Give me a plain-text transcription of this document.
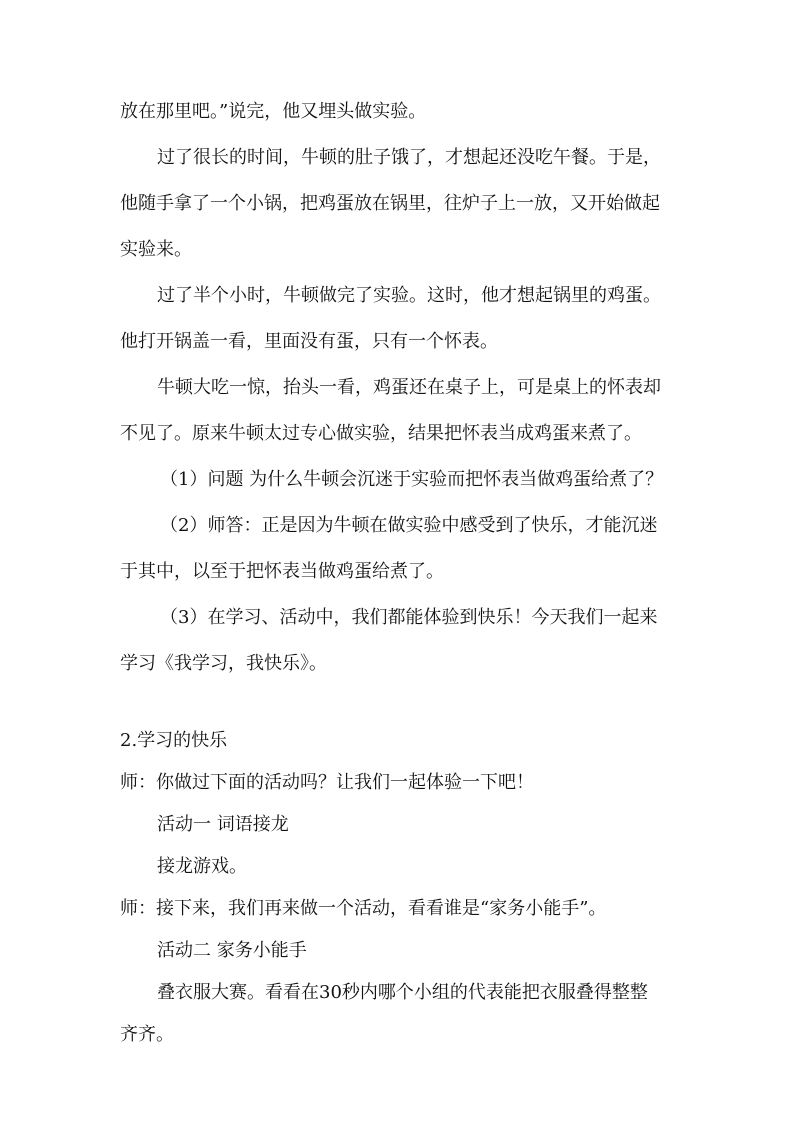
放在那里吧。”说完，他又埋头做实验。
过了很长的时间，牛顿的肚子饿了，才想起还没吃午餐。于是，
他随手拿了一个小锅，把鸡蛋放在锅里，往炉子上一放，又开始做起
实验来。
过了半个小时，牛顿做完了实验。这时，他才想起锅里的鸡蛋。
他打开锅盖一看，里面没有蛋，只有一个怀表。
牛顿大吃一惊，抬头一看，鸡蛋还在桌子上，可是桌上的怀表却
不见了。原来牛顿太过专心做实验，结果把怀表当成鸡蛋来煮了。
（1）问题 为什么牛顿会沉迷于实验而把怀表当做鸡蛋给煮了？
（2）师答：正是因为牛顿在做实验中感受到了快乐，才能沉迷
于其中，以至于把怀表当做鸡蛋给煮了。
（3）在学习、活动中，我们都能体验到快乐！今天我们一起来
学习《我学习，我快乐》。
2.学习的快乐
师：你做过下面的活动吗？让我们一起体验一下吧！
活动一 词语接龙
接龙游戏。
师：接下来，我们再来做一个活动，看看谁是“家务小能手”。
活动二 家务小能手
叠衣服大赛。看看在30秒内哪个小组的代表能把衣服叠得整整
齐齐。
